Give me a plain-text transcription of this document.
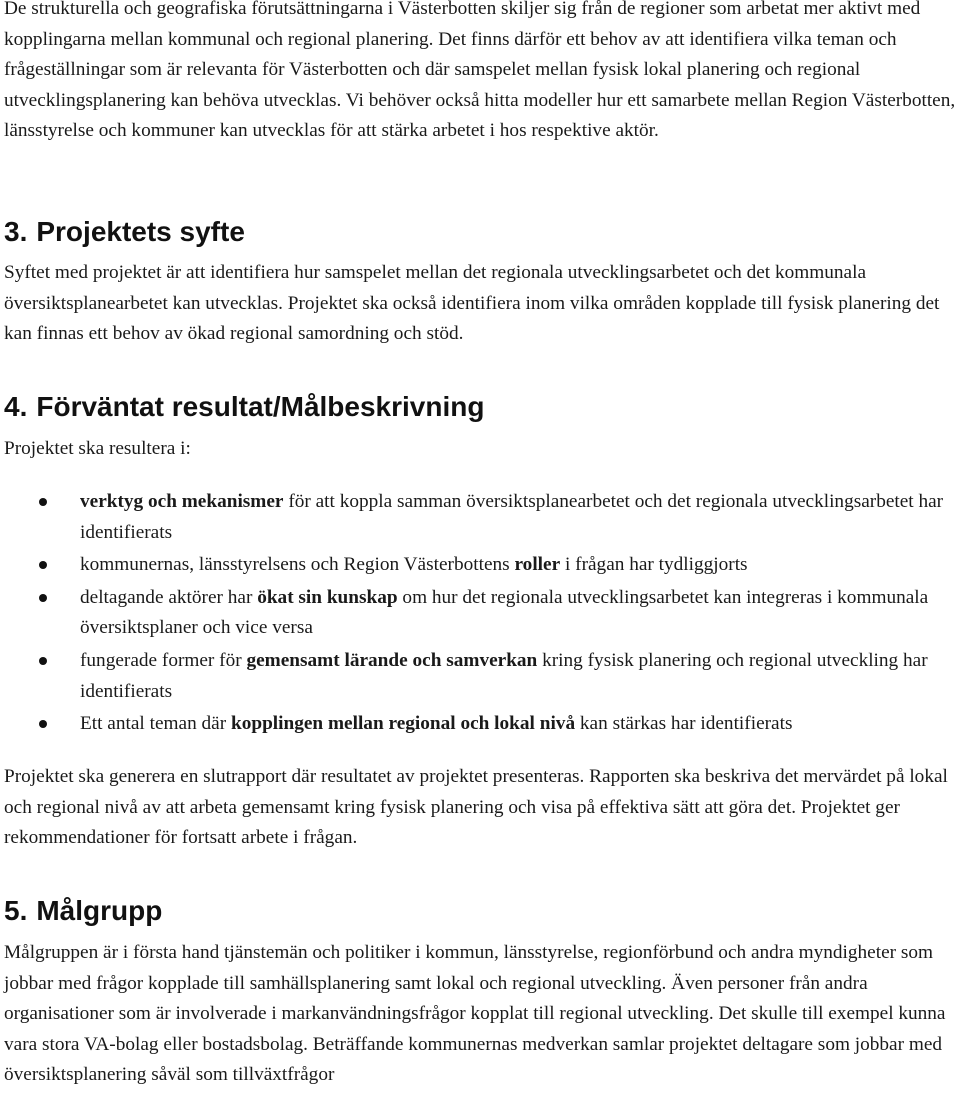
De strukturella och geografiska förutsättningarna i Västerbotten skiljer sig från de regioner som arbetat mer aktivt med kopplingarna mellan kommunal och regional planering. Det finns därför ett behov av att identifiera vilka teman och frågeställningar som är relevanta för Västerbotten och där samspelet mellan fysisk lokal planering och regional utvecklingsplanering kan behöva utvecklas. Vi behöver också hitta modeller hur ett samarbete mellan Region Västerbotten, länsstyrelse och kommuner kan utvecklas för att stärka arbetet i hos respektive aktör.

3. Projektets syfte

Syftet med projektet är att identifiera hur samspelet mellan det regionala utvecklingsarbetet och det kommunala översiktsplanearbetet kan utvecklas. Projektet ska också identifiera inom vilka områden kopplade till fysisk planering det kan finnas ett behov av ökad regional samordning och stöd.

4. Förväntat resultat/Målbeskrivning

Projektet ska resultera i:

verktyg och mekanismer för att koppla samman översiktsplanearbetet och det regionala utvecklingsarbetet har identifierats
kommunernas, länsstyrelsens och Region Västerbottens roller i frågan har tydliggjorts
deltagande aktörer har ökat sin kunskap om hur det regionala utvecklingsarbetet kan integreras i kommunala översiktsplaner och vice versa
fungerade former för gemensamt lärande och samverkan kring fysisk planering och regional utveckling har identifierats
Ett antal teman där kopplingen mellan regional och lokal nivå kan stärkas har identifierats

Projektet ska generera en slutrapport där resultatet av projektet presenteras. Rapporten ska beskriva det mervärdet på lokal och regional nivå av att arbeta gemensamt kring fysisk planering och visa på effektiva sätt att göra det. Projektet ger rekommendationer för fortsatt arbete i frågan.

5. Målgrupp

Målgruppen är i första hand tjänstemän och politiker i kommun, länsstyrelse, regionförbund och andra myndigheter som jobbar med frågor kopplade till samhällsplanering samt lokal och regional utveckling. Även personer från andra organisationer som är involverade i markanvändningsfrågor kopplat till regional utveckling. Det skulle till exempel kunna vara stora VA-bolag eller bostadsbolag. Beträffande kommunernas medverkan samlar projektet deltagare som jobbar med översiktsplanering såväl som tillväxtfrågor
